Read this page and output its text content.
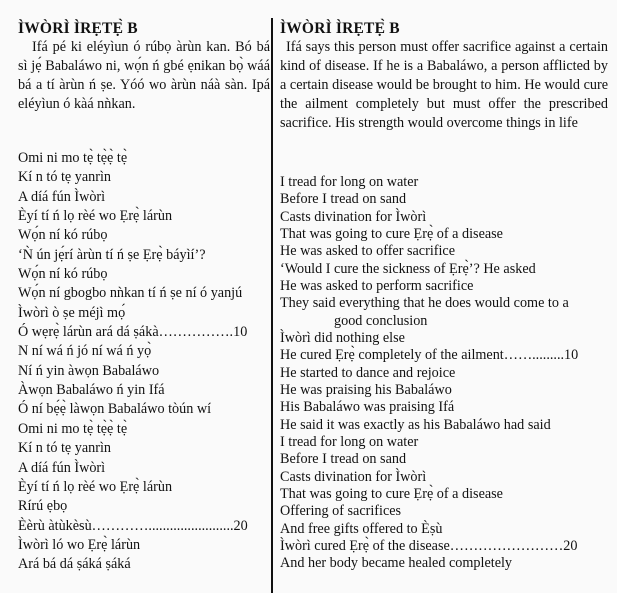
ÌWÒRÌ ÌRẸTẸ̀ B
Ifá pé ki eléyìun ó rúbọ àrùn kan. Bó bá sì jẹ́ Babaláwo ni, wọ́n ń gbé ẹnikan bọ̀ wáá bá a tí àrùn ń ṣe. Yóó wo àrùn náà sàn. Ipá eléyìun ó kàá nǹkan.
Omi ni mo tẹ̀ tẹ̀ẹ̀ tẹ̀
Kí n tó tẹ yanrìn
A díá fún Ìwòrì
Èyí tí ń lọ rèé wo Ẹrẹ̀ lárùn
Wọ́n ní kó rúbọ
‘Ǹ ún jẹ́rí àrùn tí ń ṣe Ẹrẹ̀ báyìí’?
Wọ́n ní kó rúbọ
Wọ́n ní gbogbo nǹkan tí ń ṣe ní ó yanjú
Ìwòrì ò ṣe méjì mọ́
Ó wẹrẹ̀ lárùn ará dá ṣákà…………….10
N ní wá ń jó ní wá ń yọ̀
Ní ń yin àwọn Babaláwo
Àwọn Babaláwo ń yin Ifá
Ó ní bẹ́ẹ̀ làwọn Babaláwo tòún wí
Omi ni mo tẹ̀ tẹ̀ẹ̀ tẹ̀
Kí n tó tẹ yanrìn
A díá fún Ìwòrì
Èyí tí ń lọ rèé wo Ẹrẹ̀ lárùn
Rírú ẹbọ
Èèrù àtùkèsù…………........................20
Ìwòrì ló wo Ẹrẹ̀ lárùn
Ará bá dá ṣáká ṣáká
ÌWÒRÌ ÌRẸTẸ̀ B
Ifá says this person must offer sacrifice against a certain kind of disease. If he is a Babaláwo, a person afflicted by a certain disease would be brought to him. He would cure the ailment completely but must offer the prescribed sacrifice. His strength would overcome things in life
I tread for long on water
Before I tread on sand
Casts divination for Ìwòrì
That was going to cure Ẹrẹ̀ of a disease
He was asked to offer sacrifice
‘Would I cure the sickness of Ẹrẹ̀’? He asked
He was asked to perform sacrifice
They said everything that he does would come to a
good conclusion
Ìwòrì did nothing else
He cured Ẹrẹ̀ completely of the ailment…….........10
He started to dance and rejoice
He was praising his Babaláwo
His Babaláwo was praising Ifá
He said it was exactly as his Babaláwo had said
I tread for long on water
Before I tread on sand
Casts divination for Ìwòrì
That was going to cure Ẹrẹ̀ of a disease
Offering of sacrifices
And free gifts offered to Èṣù
Ìwòrì cured Ẹrẹ̀ of the disease……………………20
And her body became healed completely
